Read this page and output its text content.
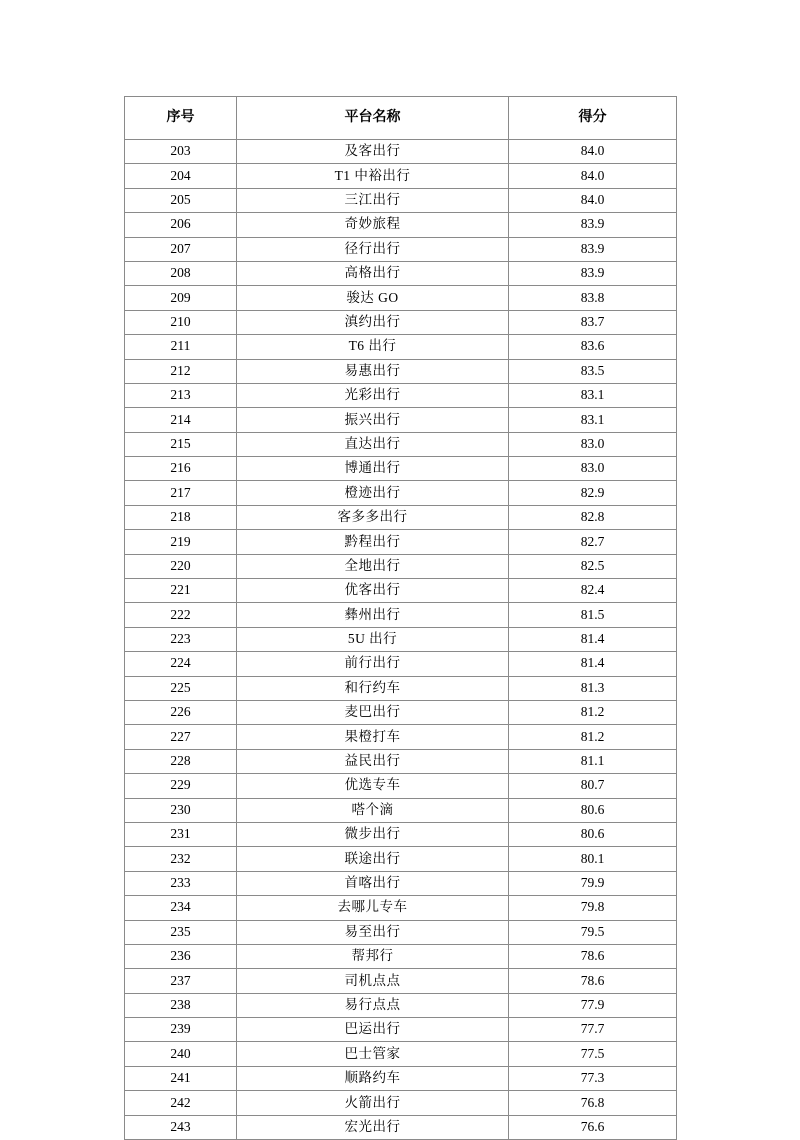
序号	平台名称	得分
203	及客出行	84.0
204	T1 中裕出行	84.0
205	三江出行	84.0
206	奇妙旅程	83.9
207	径行出行	83.9
208	高格出行	83.9
209	骏达 GO	83.8
210	滇约出行	83.7
211	T6 出行	83.6
212	易惠出行	83.5
213	光彩出行	83.1
214	振兴出行	83.1
215	直达出行	83.0
216	博通出行	83.0
217	橙迹出行	82.9
218	客多多出行	82.8
219	黔程出行	82.7
220	全地出行	82.5
221	优客出行	82.4
222	彝州出行	81.5
223	5U 出行	81.4
224	前行出行	81.4
225	和行约车	81.3
226	麦巴出行	81.2
227	果橙打车	81.2
228	益民出行	81.1
229	优选专车	80.7
230	嗒个滴	80.6
231	微步出行	80.6
232	联途出行	80.1
233	首喀出行	79.9
234	去哪儿专车	79.8
235	易至出行	79.5
236	帮邦行	78.6
237	司机点点	78.6
238	易行点点	77.9
239	巴运出行	77.7
240	巴士管家	77.5
241	顺路约车	77.3
242	火箭出行	76.8
243	宏光出行	76.6
